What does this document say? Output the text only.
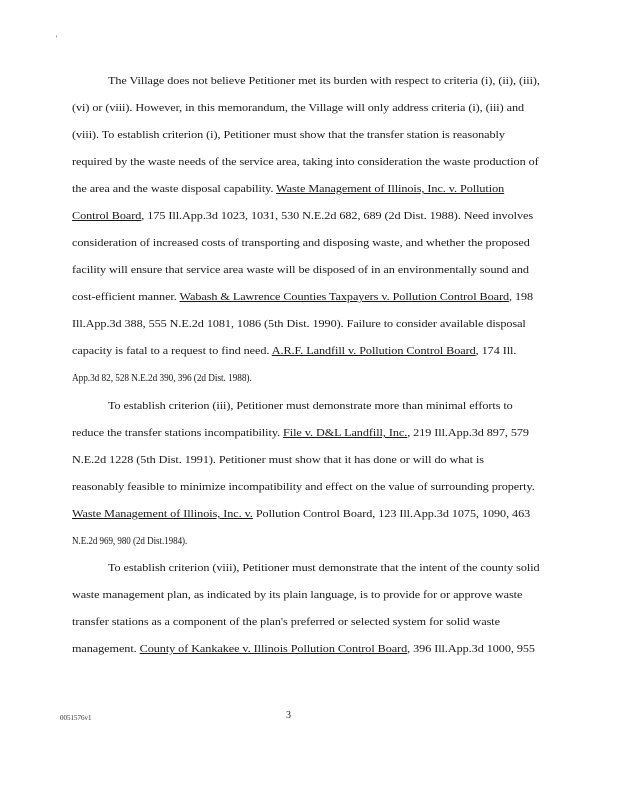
'
The Village does not believe Petitioner met its burden with respect to criteria (i), (ii), (iii),
(vi) or (viii). However, in this memorandum, the Village will only address criteria (i), (iii) and
(viii). To establish criterion (i), Petitioner must show that the transfer station is reasonably
required by the waste needs of the service area, taking into consideration the waste production of
the area and the waste disposal capability. Waste Management of Illinois, Inc. v. Pollution
Control Board, 175 Ill.App.3d 1023, 1031, 530 N.E.2d 682, 689 (2d Dist. 1988). Need involves
consideration of increased costs of transporting and disposing waste, and whether the proposed
facility will ensure that service area waste will be disposed of in an environmentally sound and
cost-efficient manner. Wabash & Lawrence Counties Taxpayers v. Pollution Control Board, 198
Ill.App.3d 388, 555 N.E.2d 1081, 1086 (5th Dist. 1990). Failure to consider available disposal
capacity is fatal to a request to find need. A.R.F. Landfill v. Pollution Control Board, 174 Ill.
App.3d 82, 528 N.E.2d 390, 396 (2d Dist. 1988).
To establish criterion (iii), Petitioner must demonstrate more than minimal efforts to
reduce the transfer stations incompatibility. File v. D&L Landfill, Inc., 219 Ill.App.3d 897, 579
N.E.2d 1228 (5th Dist. 1991). Petitioner must show that it has done or will do what is
reasonably feasible to minimize incompatibility and effect on the value of surrounding property.
Waste Management of Illinois, Inc. v. Pollution Control Board, 123 Ill.App.3d 1075, 1090, 463
N.E.2d 969, 980 (2d Dist.1984).
To establish criterion (viii), Petitioner must demonstrate that the intent of the county solid
waste management plan, as indicated by its plain language, is to provide for or approve waste
transfer stations as a component of the plan's preferred or selected system for solid waste
management. County of Kankakee v. Illinois Pollution Control Board, 396 Ill.App.3d 1000, 955
0051576v1	3
